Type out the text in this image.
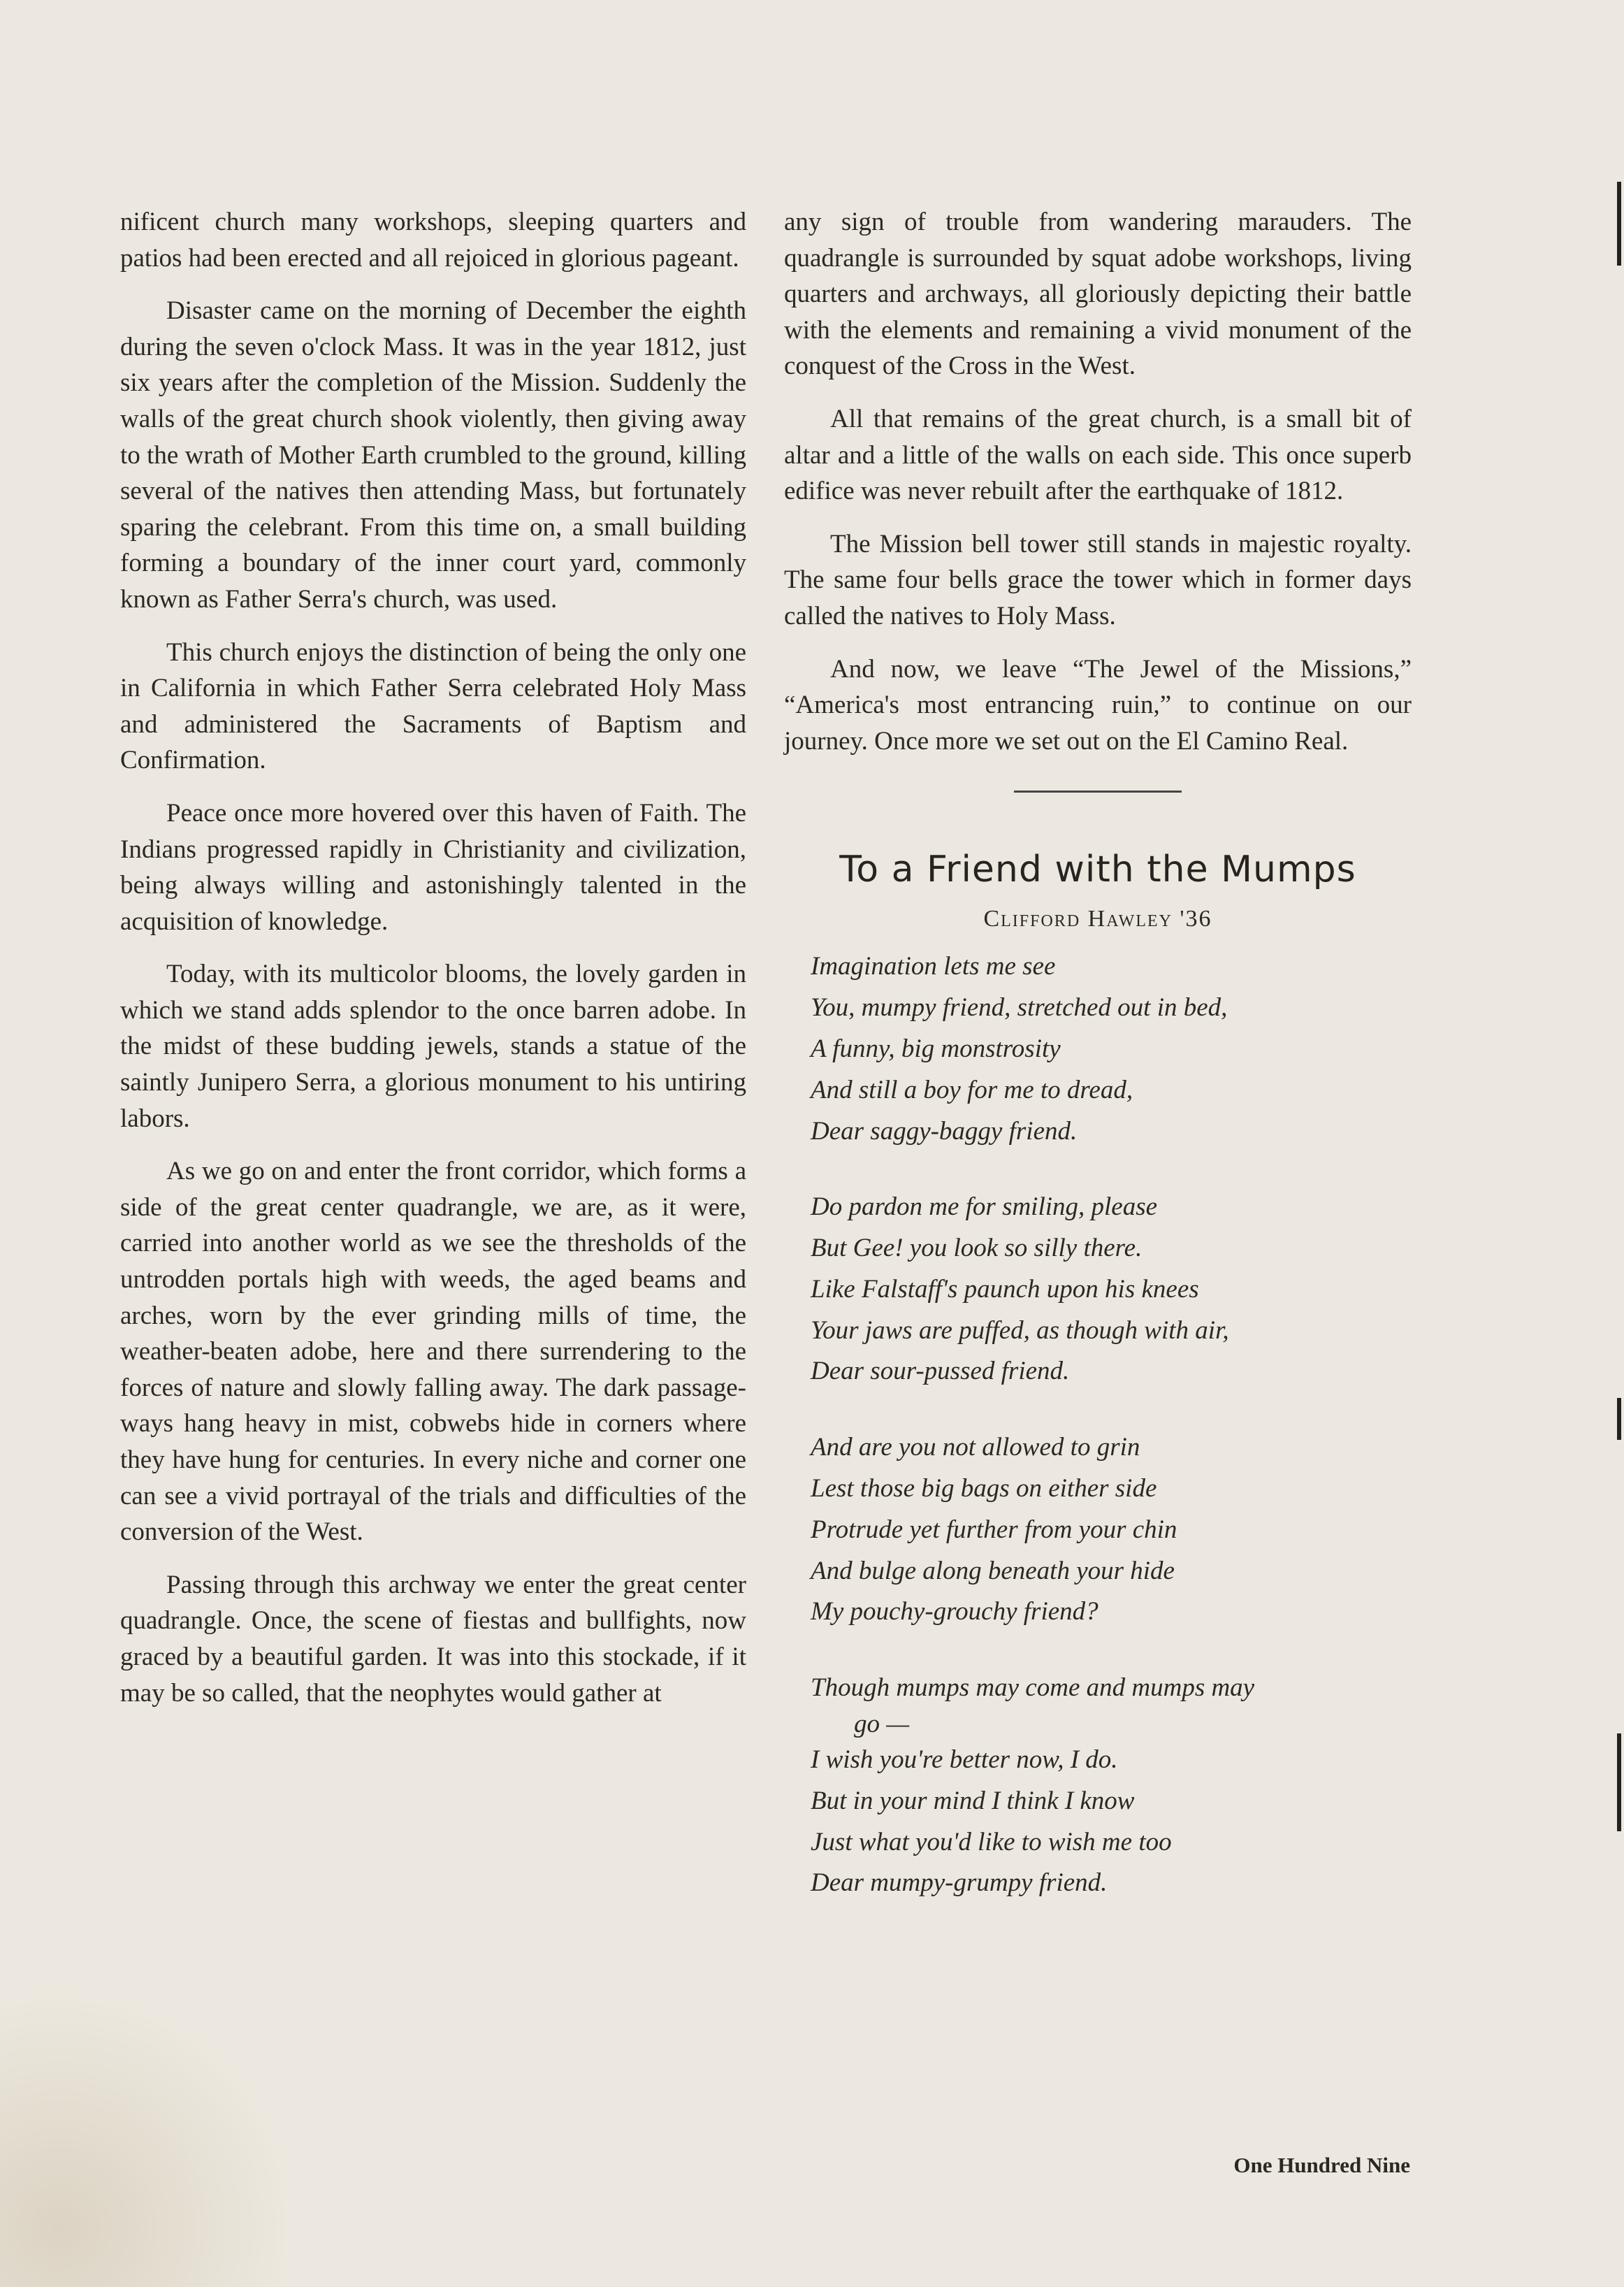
nificent church many workshops, sleeping quarters and patios had been erected and all rejoiced in glorious pageant.

Disaster came on the morning of December the eighth during the seven o'clock Mass. It was in the year 1812, just six years after the completion of the Mission. Suddenly the walls of the great church shook violently, then giving away to the wrath of Mother Earth crumbled to the ground, killing several of the natives then attending Mass, but fortunately sparing the celebrant. From this time on, a small building forming a boundary of the inner court yard, commonly known as Father Serra's church, was used.

This church enjoys the distinction of being the only one in California in which Father Serra celebrated Holy Mass and administered the Sacraments of Baptism and Confirmation.

Peace once more hovered over this haven of Faith. The Indians progressed rapidly in Christianity and civilization, being always willing and astonishingly talented in the acquisition of knowledge.

Today, with its multicolor blooms, the lovely garden in which we stand adds splendor to the once barren adobe. In the midst of these budding jewels, stands a statue of the saintly Junipero Serra, a glorious monument to his untiring labors.

As we go on and enter the front corridor, which forms a side of the great center quadrangle, we are, as it were, carried into another world as we see the thresholds of the untrodden portals high with weeds, the aged beams and arches, worn by the ever grinding mills of time, the weather-beaten adobe, here and there surrendering to the forces of nature and slowly falling away. The dark passage-ways hang heavy in mist, cobwebs hide in corners where they have hung for centuries. In every niche and corner one can see a vivid portrayal of the trials and difficulties of the conversion of the West.

Passing through this archway we enter the great center quadrangle. Once, the scene of fiestas and bullfights, now graced by a beautiful garden. It was into this stockade, if it may be so called, that the neophytes would gather at

any sign of trouble from wandering marauders. The quadrangle is surrounded by squat adobe workshops, living quarters and archways, all gloriously depicting their battle with the elements and remaining a vivid monument of the conquest of the Cross in the West.

All that remains of the great church, is a small bit of altar and a little of the walls on each side. This once superb edifice was never rebuilt after the earthquake of 1812.

The Mission bell tower still stands in majestic royalty. The same four bells grace the tower which in former days called the natives to Holy Mass.

And now, we leave “The Jewel of the Missions,” “America's most entrancing ruin,” to continue on our journey. Once more we set out on the El Camino Real.

To a Friend with the Mumps
Clifford Hawley '36
Imagination lets me see
You, mumpy friend, stretched out in bed,
A funny, big monstrosity
And still a boy for me to dread,
Dear saggy-baggy friend.
Do pardon me for smiling, please
But Gee! you look so silly there.
Like Falstaff's paunch upon his knees
Your jaws are puffed, as though with air,
Dear sour-pussed friend.
And are you not allowed to grin
Lest those big bags on either side
Protrude yet further from your chin
And bulge along beneath your hide
My pouchy-grouchy friend?
Though mumps may come and mumps may
go —
I wish you're better now, I do.
But in your mind I think I know
Just what you'd like to wish me too
Dear mumpy-grumpy friend.
One Hundred Nine
